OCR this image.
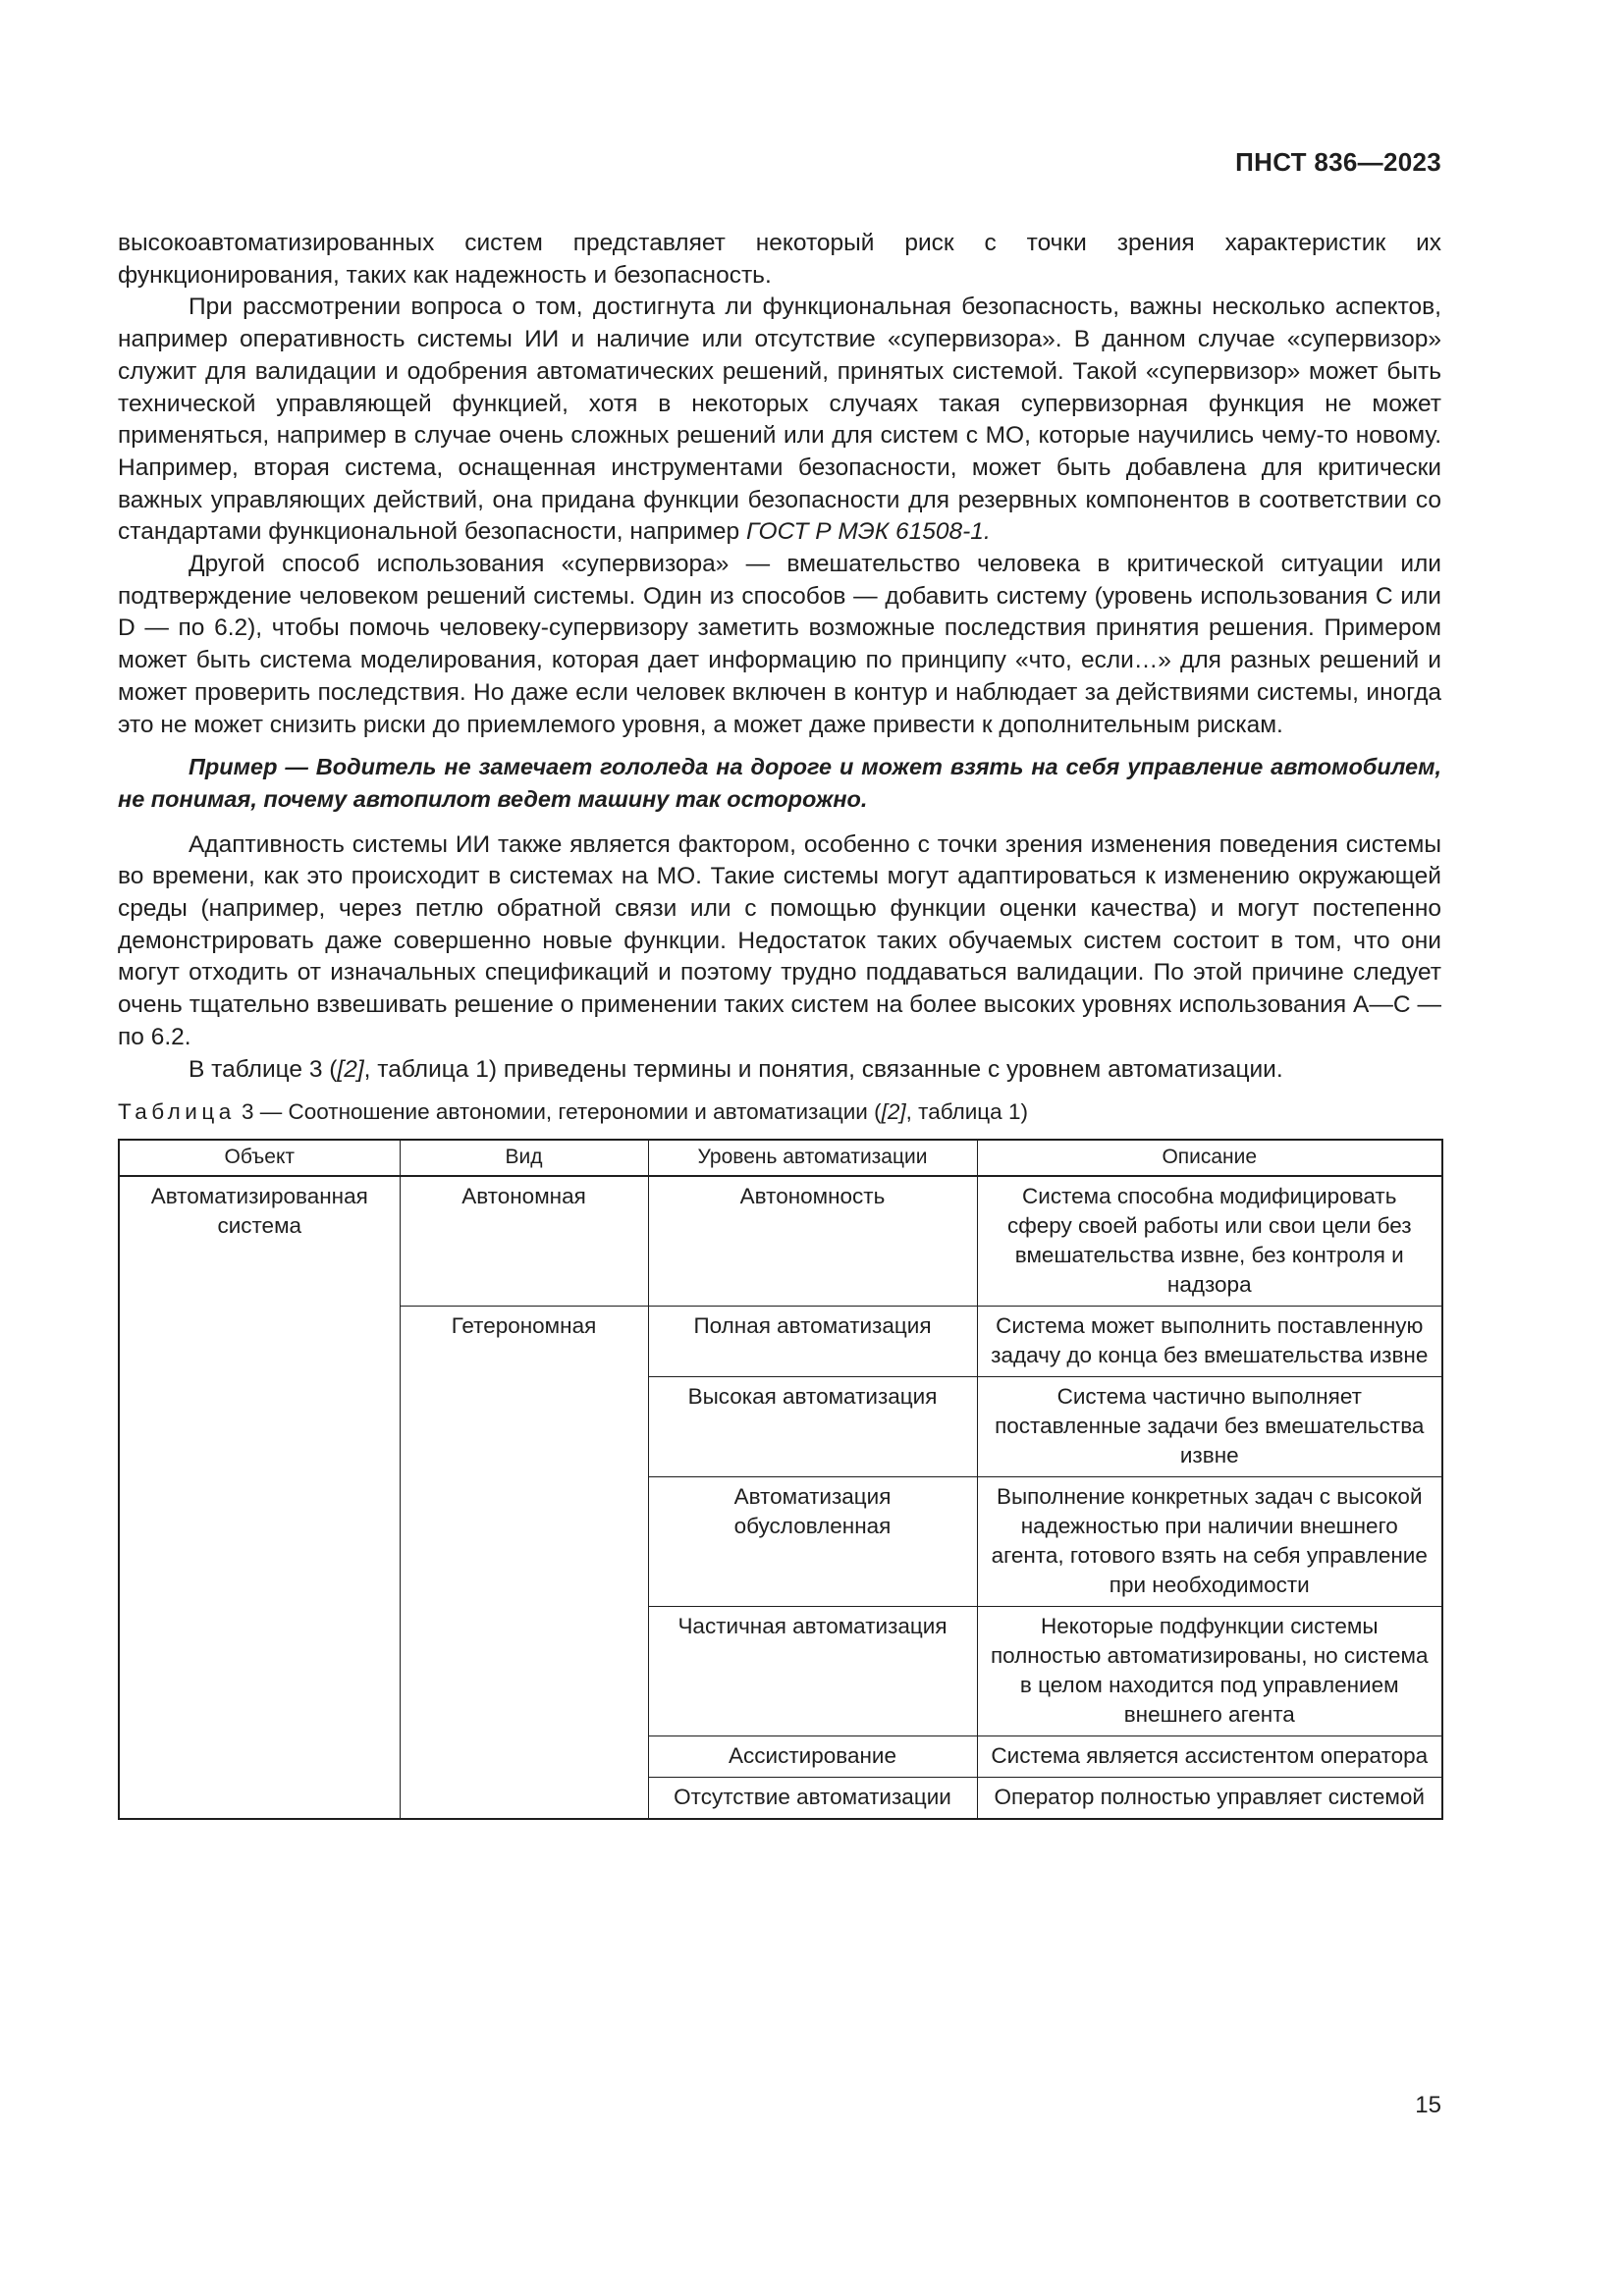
ПНСТ 836—2023

высокоавтоматизированных систем представляет некоторый риск с точки зрения характеристик их функционирования, таких как надежность и безопасность.

При рассмотрении вопроса о том, достигнута ли функциональная безопасность, важны несколько аспектов, например оперативность системы ИИ и наличие или отсутствие «супервизора». В данном случае «супервизор» служит для валидации и одобрения автоматических решений, принятых системой. Такой «супервизор» может быть технической управляющей функцией, хотя в некоторых случаях такая супервизорная функция не может применяться, например в случае очень сложных решений или для систем с МО, которые научились чему-то новому. Например, вторая система, оснащенная инструментами безопасности, может быть добавлена для критически важных управляющих действий, она придана функции безопасности для резервных компонентов в соответствии со стандартами функциональной безопасности, например ГОСТ Р МЭК 61508-1.

Другой способ использования «супервизора» — вмешательство человека в критической ситуации или подтверждение человеком решений системы. Один из способов — добавить систему (уровень использования C или D — по 6.2), чтобы помочь человеку-супервизору заметить возможные последствия принятия решения. Примером может быть система моделирования, которая дает информацию по принципу «что, если…» для разных решений и может проверить последствия. Но даже если человек включен в контур и наблюдает за действиями системы, иногда это не может снизить риски до приемлемого уровня, а может даже привести к дополнительным рискам.

Пример — Водитель не замечает гололеда на дороге и может взять на себя управление автомобилем, не понимая, почему автопилот ведет машину так осторожно.

Адаптивность системы ИИ также является фактором, особенно с точки зрения изменения поведения системы во времени, как это происходит в системах на МО. Такие системы могут адаптироваться к изменению окружающей среды (например, через петлю обратной связи или с помощью функции оценки качества) и могут постепенно демонстрировать даже совершенно новые функции. Недостаток таких обучаемых систем состоит в том, что они могут отходить от изначальных спецификаций и поэтому трудно поддаваться валидации. По этой причине следует очень тщательно взвешивать решение о применении таких систем на более высоких уровнях использования A—C — по 6.2.

В таблице 3 ([2], таблица 1) приведены термины и понятия, связанные с уровнем автоматизации.

Таблица 3 — Соотношение автономии, гетерономии и автоматизации ([2], таблица 1)
Объект	Вид	Уровень автоматизации	Описание
Автоматизированная система	Автономная	Автономность	Система способна модифицировать сферу своей работы или свои цели без вмешательства извне, без контроля и надзора
	Гетерономная	Полная автоматизация	Система может выполнить поставленную задачу до конца без вмешательства извне
		Высокая автоматизация	Система частично выполняет поставленные задачи без вмешательства извне
		Автоматизация обусловленная	Выполнение конкретных задач с высокой надежностью при наличии внешнего агента, готового взять на себя управление при необходимости
		Частичная автоматизация	Некоторые подфункции системы полностью автоматизированы, но система в целом находится под управлением внешнего агента
		Ассистирование	Система является ассистентом оператора
		Отсутствие автоматизации	Оператор полностью управляет системой
15
